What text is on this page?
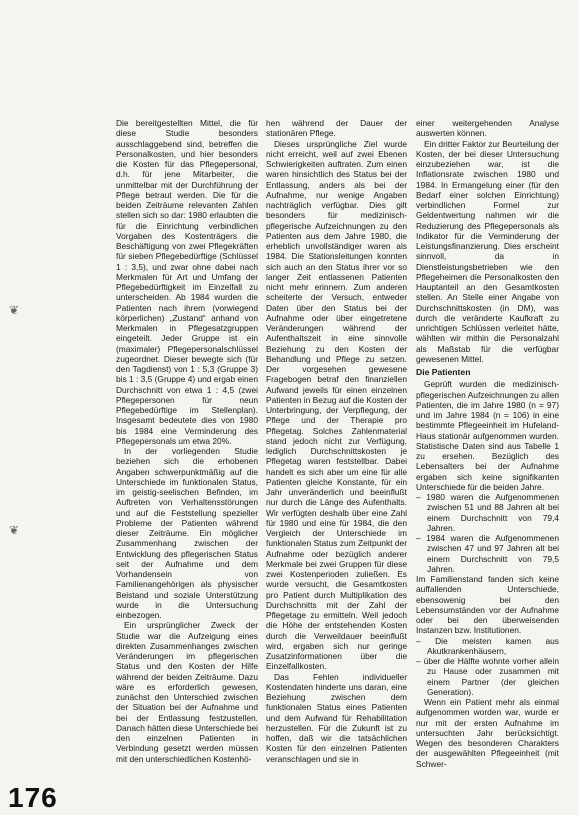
❦
❦

Die bereitgestellten Mittel, die für diese Studie besonders ausschlaggebend sind, betreffen die Personalkosten, und hier besonders die Kosten für das Pflegepersonal, d.h. für jene Mitarbeiter, die unmittelbar mit der Durchführung der Pflege betraut werden. Die für die beiden Zeiträume relevanten Zahlen stellen sich so dar: 1980 erlaubten die für die Einrichtung verbindlichen Vorgaben des Kostenträgers die Beschäftigung von zwei Pflegekräften für sieben Pflegebedürftige (Schlüssel 1 : 3,5), und zwar ohne dabei nach Merkmalen für Art und Umfang der Pflegebedürftigkeit im Einzelfall zu unterscheiden. Ab 1984 wurden die Patienten nach ihrem (vorwiegend körperlichen) „Zustand“ anhand von Merkmalen in Pflegesatzgruppen eingeteilt. Jeder Gruppe ist ein (maximaler) Pflegepersonalschlüssel zugeordnet. Dieser bewegte sich (für den Tagdienst) von 1 : 5,3 (Gruppe 3) bis 1 : 3,5 (Gruppe 4) und ergab einen Durchschnitt von etwa 1 : 4,5 (zwei Pflegepersonen für neun Pflegebedürftige im Stellenplan). Insgesamt bedeutete dies von 1980 bis 1984 eine Verminderung des Pflegepersonals um etwa 20%.

In der vorliegenden Studie beziehen sich die erhobenen Angaben schwerpunktmäßig auf die Unterschiede im funktionalen Status, im geistig-seelischen Befinden, im Auftreten von Verhaltensstörungen und auf die Feststellung spezieller Probleme der Patienten während dieser Zeiträume. Ein möglicher Zusammenhang zwischen der Entwicklung des pflegerischen Status seit der Aufnahme und dem Vorhandensein von Familienangehörigen als physischer Beistand und soziale Unterstützung wurde in die Untersuchung einbezogen.

Ein ursprünglicher Zweck der Studie war die Aufzeigung eines direkten Zusammenhanges zwischen Veränderungen im pflegerischen Status und den Kosten der Hilfe während der beiden Zeiträume. Dazu wäre es erforderlich gewesen, zunächst den Unterschied zwischen der Situation bei der Aufnahme und bei der Entlassung festzustellen. Danach hätten diese Unterschiede bei den einzelnen Patienten in Verbindung gesetzt werden müssen mit den unterschiedlichen Kostenhö-

hen während der Dauer der stationären Pflege.

Dieses ursprüngliche Ziel wurde nicht erreicht, weil auf zwei Ebenen Schwierigkeiten auftraten. Zum einen waren hinsichtlich des Status bei der Entlassung, anders als bei der Aufnahme, nur wenige Angaben nachträglich verfügbar. Dies gilt besonders für medizinisch-pflegerische Aufzeichnungen zu den Patienten aus dem Jahre 1980, die erheblich unvollständiger waren als 1984. Die Stationsleitungen konnten sich auch an den Status ihrer vor so langer Zeit entlassenen Patienten nicht mehr erinnern. Zum anderen scheiterte der Versuch, entweder Daten über den Status bei der Aufnahme oder über eingetretene Veränderungen während der Aufenthaltszeit in eine sinnvolle Beziehung zu den Kosten der Behandlung und Pflege zu setzen. Der vorgesehen gewesene Fragebogen betraf den finanziellen Aufwand jeweils für einen einzelnen Patienten in Bezug auf die Kosten der Unterbringung, der Verpflegung, der Pflege und der Therapie pro Pflegetag. Solches Zahlenmaterial stand jedoch nicht zur Verfügung, lediglich Durchschnittskosten je Pflegetag waren feststellbar. Dabei handelt es sich aber um eine für alle Patienten gleiche Konstante, für ein Jahr unveränderlich und beeinflußt nur durch die Länge des Aufenthalts. Wir verfügten deshalb über eine Zahl für 1980 und eine für 1984, die den Vergleich der Unterschiede im funktionalen Status zum Zeitpunkt der Aufnahme oder bezüglich anderer Merkmale bei zwei Gruppen für diese zwei Kostenperioden zuließen. Es wurde versucht, die Gesamtkosten pro Patient durch Multiplikation des Durchschnitts mit der Zahl der Pflegetage zu ermitteln. Weil jedoch die Höhe der entstehenden Kosten durch die Verweildauer beeinflußt wird, ergaben sich nur geringe Zusatzinformationen über die Einzelfallkosten.

Das Fehlen individueller Kostendaten hinderte uns daran, eine Beziehung zwischen dem funktionalen Status eines Patienten und dem Aufwand für Rehabilitation herzustellen. Für die Zukunft ist zu hoffen, daß wir die tatsächlichen Kosten für den einzelnen Patienten veranschlagen und sie in

einer weitergehenden Analyse auswerten können.

Ein dritter Faktor zur Beurteilung der Kosten, der bei dieser Untersuchung einzubeziehen war, ist die Inflationsrate zwischen 1980 und 1984. In Ermangelung einer (für den Bedarf einer solchen Einrichtung) verbindlichen Formel zur Geldentwertung nahmen wir die Reduzierung des Pflegepersonals als Indikator für die Verminderung der Leistungsfinanzierung. Dies erscheint sinnvoll, da in Dienstleistungsbetrieben wie den Pflegeheimen die Personalkosten den Hauptanteil an den Gesamtkosten stellen. An Stelle einer Angabe von Durchschnittskosten (in DM), was durch die veränderte Kaufkraft zu unrichtigen Schlüssen verleitet hätte, wählten wir mithin die Personalzahl als Maßstab für die verfügbar gewesenen Mittel.

Die Patienten

Geprüft wurden die medizinisch-pflegerischen Aufzeichnungen zu allen Patienten, die im Jahre 1980 (n = 97) und im Jahre 1984 (n = 106) in eine bestimmte Pflegeeinheit im Hufeland-Haus stationär aufgenommen wurden. Statistische Daten sind aus Tabelle 1 zu ersehen. Bezüglich des Lebensalters bei der Aufnahme ergaben sich keine signifikanten Unterschiede für die beiden Jahre.

– 1980 waren die Aufgenommenen zwischen 51 und 88 Jahren alt bei einem Durchschnitt von 79,4 Jahren.
– 1984 waren die Aufgenommenen zwischen 47 und 97 Jahren alt bei einem Durchschnitt von 79,5 Jahren.

Im Familienstand fanden sich keine auffallenden Unterschiede, ebensowenig bei den Lebensumständen vor der Aufnahme oder bei den überweisenden Instanzen bzw. Institutionen.

– Die meisten kamen aus Akutkrankenhäusern,
– über die Hälfte wohnte vorher allein zu Hause oder zusammen mit einem Partner (der gleichen Generation).

Wenn ein Patient mehr als einmal aufgenommen worden war, wurde er nur mit der ersten Aufnahme im untersuchten Jahr berücksichtigt. Wegen des besonderen Charakters der ausgewählten Pflegeeinheit (mit Schwer-

176
